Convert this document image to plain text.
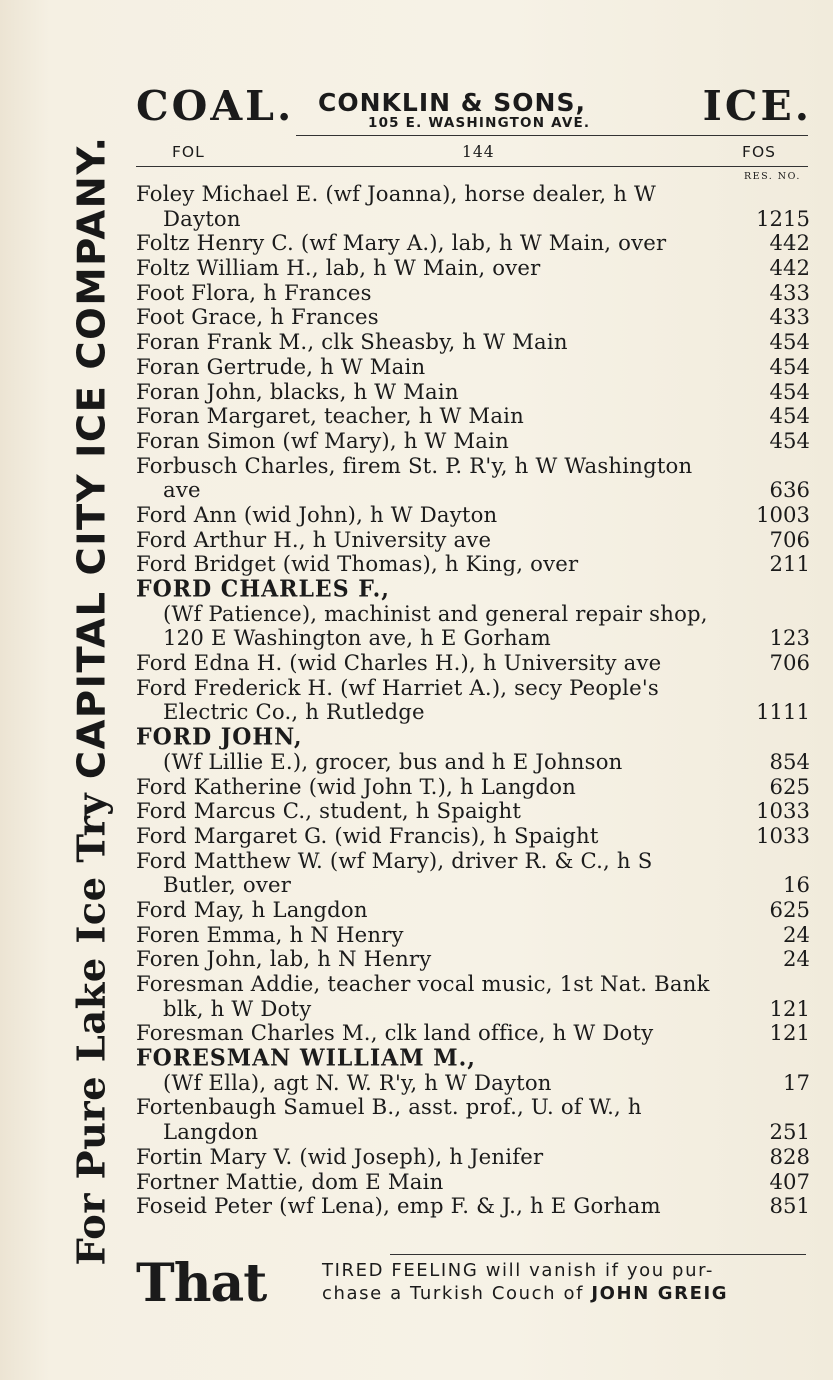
For Pure Lake Ice Try CAPITAL CITY ICE COMPANY.
COAL. CONKLIN & SONS,
105 E. WASHINGTON AVE.	ICE.
FOL	144	FOS
RES. NO.
Foley Michael E. (wf Joanna), horse dealer, h W
Dayton	1215
Foltz Henry C. (wf Mary A.), lab, h W Main, over	442
Foltz William H., lab, h W Main, over	442
Foot Flora, h Frances	433
Foot Grace, h Frances	433
Foran Frank M., clk Sheasby, h W Main	454
Foran Gertrude, h W Main	454
Foran John, blacks, h W Main	454
Foran Margaret, teacher, h W Main	454
Foran Simon (wf Mary), h W Main	454
Forbusch Charles, firem St. P. R'y, h W Washington
ave	636
Ford Ann (wid John), h W Dayton	1003
Ford Arthur H., h University ave	706
Ford Bridget (wid Thomas), h King, over	211
FORD CHARLES F.,
(Wf Patience), machinist and general repair shop,
120 E Washington ave, h E Gorham	123
Ford Edna H. (wid Charles H.), h University ave	706
Ford Frederick H. (wf Harriet A.), secy People's
Electric Co., h Rutledge	1111
FORD JOHN,
(Wf Lillie E.), grocer, bus and h E Johnson	854
Ford Katherine (wid John T.), h Langdon	625
Ford Marcus C., student, h Spaight	1033
Ford Margaret G. (wid Francis), h Spaight	1033
Ford Matthew W. (wf Mary), driver R. & C., h S
Butler, over	16
Ford May, h Langdon	625
Foren Emma, h N Henry	24
Foren John, lab, h N Henry	24
Foresman Addie, teacher vocal music, 1st Nat. Bank
blk, h W Doty	121
Foresman Charles M., clk land office, h W Doty	121
FORESMAN WILLIAM M.,
(Wf Ella), agt N. W. R'y, h W Dayton	17
Fortenbaugh Samuel B., asst. prof., U. of W., h
Langdon	251
Fortin Mary V. (wid Joseph), h Jenifer	828
Fortner Mattie, dom E Main	407
Foseid Peter (wf Lena), emp F. & J., h E Gorham	851
That	TIRED FEELING will vanish if you pur-
chase a Turkish Couch of JOHN GREIG
